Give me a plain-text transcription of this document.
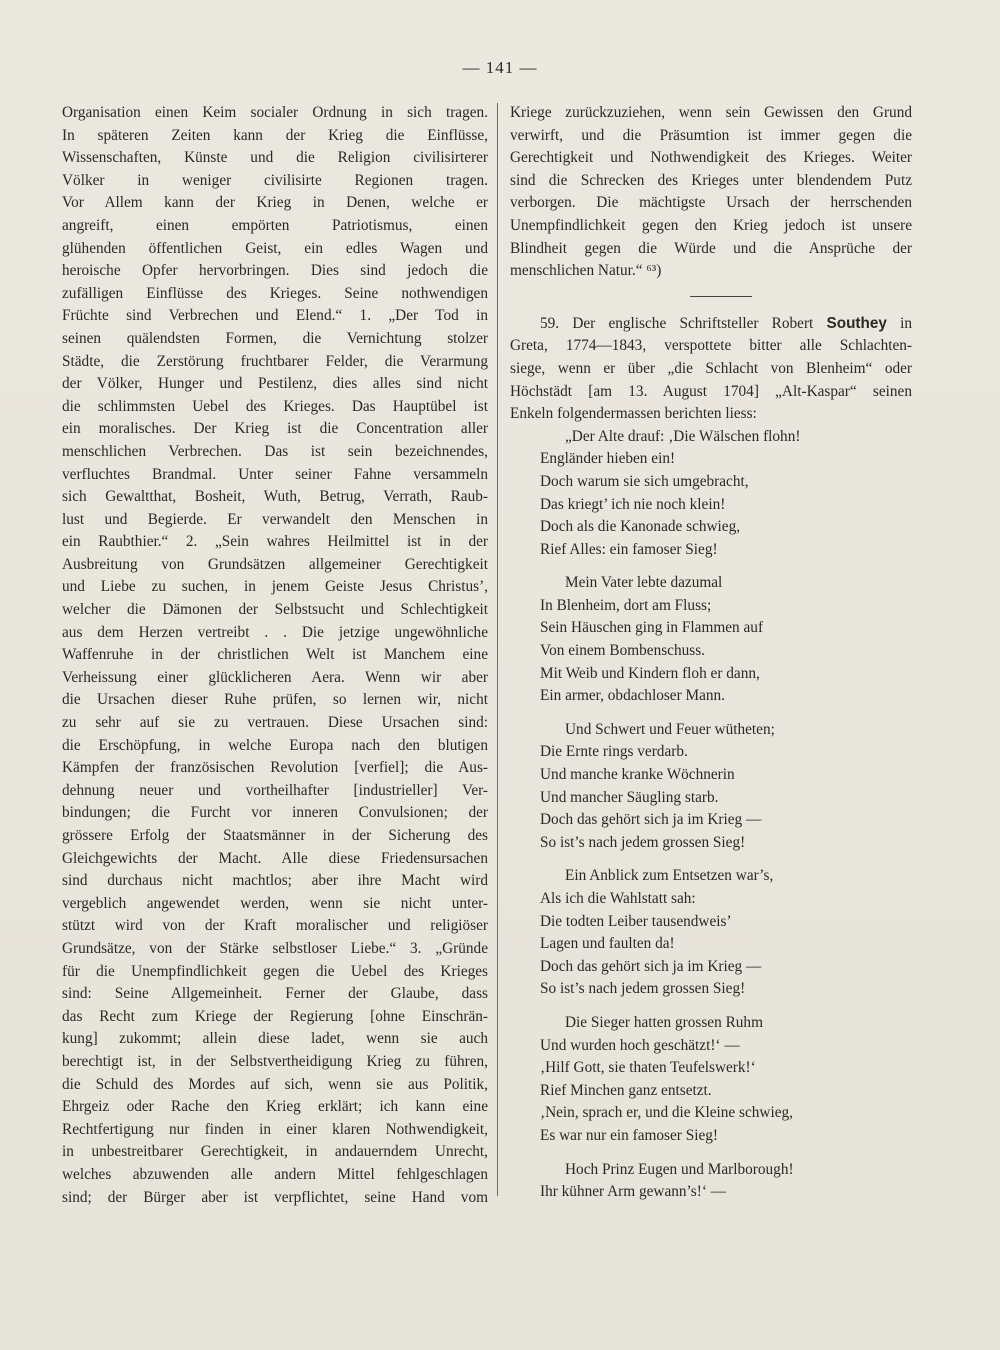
— 141 —
Organisation einen Keim socialer Ordnung in sich tragen.
In späteren Zeiten kann der Krieg die Einflüsse,
Wissenschaften, Künste und die Religion civilisirterer
Völker in weniger civilisirte Regionen tragen.
Vor Allem kann der Krieg in Denen, welche er
angreift, einen empörten Patriotismus, einen
glühenden öffentlichen Geist, ein edles Wagen und
heroische Opfer hervorbringen. Dies sind jedoch die
zufälligen Einflüsse des Krieges. Seine nothwendigen
Früchte sind Verbrechen und Elend.“ 1. „Der Tod in
seinen quälendsten Formen, die Vernichtung stolzer
Städte, die Zerstörung fruchtbarer Felder, die Verarmung
der Völker, Hunger und Pestilenz, dies alles sind nicht
die schlimmsten Uebel des Krieges. Das Hauptübel ist
ein moralisches. Der Krieg ist die Concentration aller
menschlichen Verbrechen. Das ist sein bezeichnendes,
verfluchtes Brandmal. Unter seiner Fahne versammeln
sich Gewaltthat, Bosheit, Wuth, Betrug, Verrath, Raub-
lust und Begierde. Er verwandelt den Menschen in
ein Raubthier.“ 2. „Sein wahres Heilmittel ist in der
Ausbreitung von Grundsätzen allgemeiner Gerechtigkeit
und Liebe zu suchen, in jenem Geiste Jesus Christus’,
welcher die Dämonen der Selbstsucht und Schlechtigkeit
aus dem Herzen vertreibt . . Die jetzige ungewöhnliche
Waffenruhe in der christlichen Welt ist Manchem eine
Verheissung einer glücklicheren Aera. Wenn wir aber
die Ursachen dieser Ruhe prüfen, so lernen wir, nicht
zu sehr auf sie zu vertrauen. Diese Ursachen sind:
die Erschöpfung, in welche Europa nach den blutigen
Kämpfen der französischen Revolution [verfiel]; die Aus-
dehnung neuer und vortheilhafter [industrieller] Ver-
bindungen; die Furcht vor inneren Convulsionen; der
grössere Erfolg der Staatsmänner in der Sicherung des
Gleichgewichts der Macht. Alle diese Friedensursachen
sind durchaus nicht machtlos; aber ihre Macht wird
vergeblich angewendet werden, wenn sie nicht unter-
stützt wird von der Kraft moralischer und religiöser
Grundsätze, von der Stärke selbstloser Liebe.“ 3. „Gründe
für die Unempfindlichkeit gegen die Uebel des Krieges
sind: Seine Allgemeinheit. Ferner der Glaube, dass
das Recht zum Kriege der Regierung [ohne Einschrän-
kung] zukommt; allein diese ladet, wenn sie auch
berechtigt ist, in der Selbstvertheidigung Krieg zu führen,
die Schuld des Mordes auf sich, wenn sie aus Politik,
Ehrgeiz oder Rache den Krieg erklärt; ich kann eine
Rechtfertigung nur finden in einer klaren Nothwendigkeit,
in unbestreitbarer Gerechtigkeit, in andauerndem Unrecht,
welches abzuwenden alle andern Mittel fehlgeschlagen
sind; der Bürger aber ist verpflichtet, seine Hand vom
Kriege zurückzuziehen, wenn sein Gewissen den Grund
verwirft, und die Präsumtion ist immer gegen die
Gerechtigkeit und Nothwendigkeit des Krieges. Weiter
sind die Schrecken des Krieges unter blendendem Putz
verborgen. Die mächtigste Ursach der herrschenden
Unempfindlichkeit gegen den Krieg jedoch ist unsere
Blindheit gegen die Würde und die Ansprüche der
menschlichen Natur.“ ⁶³)
59. Der englische Schriftsteller Robert Southey in
Greta, 1774—1843, verspottete bitter alle Schlachten-
siege, wenn er über „die Schlacht von Blenheim“ oder
Höchstädt [am 13. August 1704] „Alt-Kaspar“ seinen
Enkeln folgendermassen berichten liess:
„Der Alte drauf: ‚Die Wälschen flohn!
Engländer hieben ein!
Doch warum sie sich umgebracht,
Das kriegt’ ich nie noch klein!
Doch als die Kanonade schwieg,
Rief Alles: ein famoser Sieg!
Mein Vater lebte dazumal
In Blenheim, dort am Fluss;
Sein Häuschen ging in Flammen auf
Von einem Bombenschuss.
Mit Weib und Kindern floh er dann,
Ein armer, obdachloser Mann.
Und Schwert und Feuer wütheten;
Die Ernte rings verdarb.
Und manche kranke Wöchnerin
Und mancher Säugling starb.
Doch das gehört sich ja im Krieg —
So ist’s nach jedem grossen Sieg!
Ein Anblick zum Entsetzen war’s,
Als ich die Wahlstatt sah:
Die todten Leiber tausendweis’
Lagen und faulten da!
Doch das gehört sich ja im Krieg —
So ist’s nach jedem grossen Sieg!
Die Sieger hatten grossen Ruhm
Und wurden hoch geschätzt!‘ —
‚Hilf Gott, sie thaten Teufelswerk!‘
Rief Minchen ganz entsetzt.
‚Nein, sprach er, und die Kleine schwieg,
Es war nur ein famoser Sieg!
Hoch Prinz Eugen und Marlborough!
Ihr kühner Arm gewann’s!‘ —
